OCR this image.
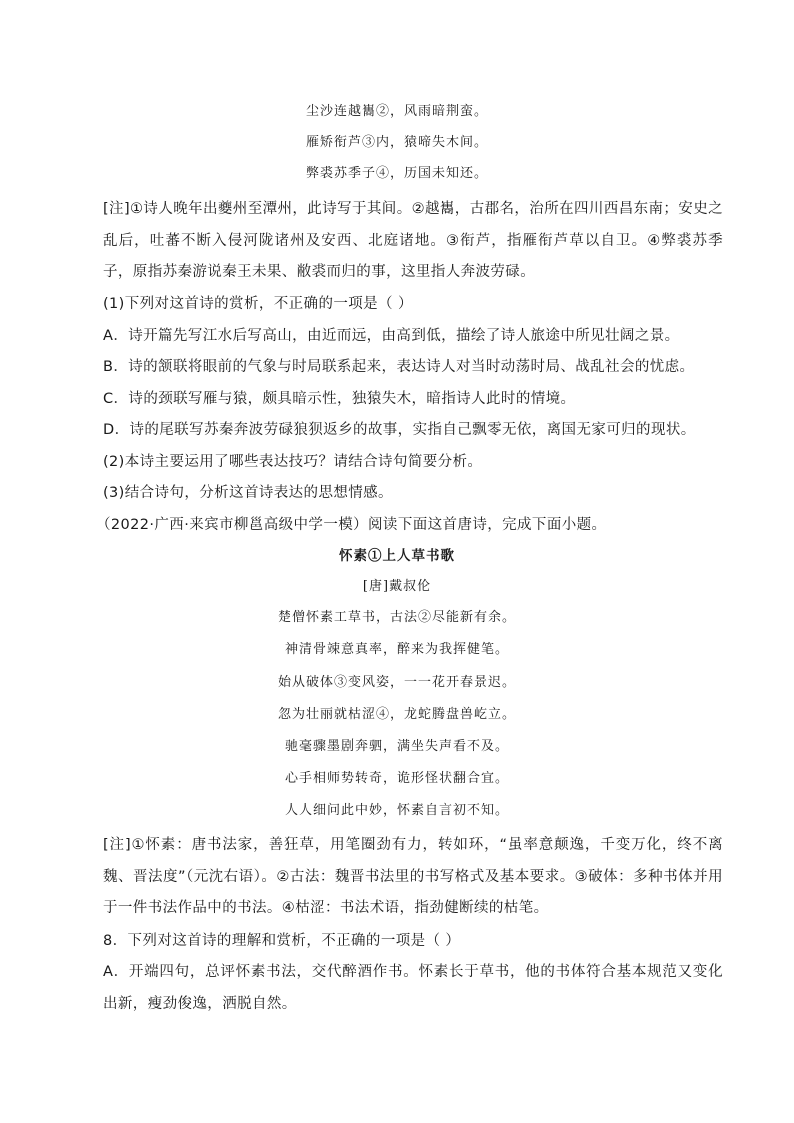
尘沙连越巂②，风雨暗荆蛮。
雁矫衔芦③内，猿啼失木间。
弊裘苏季子④，历国未知还。
[注]①诗人晚年出夔州至潭州，此诗写于其间。②越巂，古郡名，治所在四川西昌东南；安史之乱后，吐蕃不断入侵河陇诸州及安西、北庭诸地。③衔芦，指雁衔芦草以自卫。④弊裘苏季子，原指苏秦游说秦王未果、敝裘而归的事，这里指人奔波劳碌。
(1)下列对这首诗的赏析，不正确的一项是（ ）
A．诗开篇先写江水后写高山，由近而远，由高到低，描绘了诗人旅途中所见壮阔之景。
B．诗的颔联将眼前的气象与时局联系起来，表达诗人对当时动荡时局、战乱社会的忧虑。
C．诗的颈联写雁与猿，颇具暗示性，独猿失木，暗指诗人此时的情境。
D．诗的尾联写苏秦奔波劳碌狼狈返乡的故事，实指自己飘零无依，离国无家可归的现状。
(2)本诗主要运用了哪些表达技巧？请结合诗句简要分析。
(3)结合诗句，分析这首诗表达的思想情感。
（2022·广西·来宾市柳邕高级中学一模）阅读下面这首唐诗，完成下面小题。
怀素①上人草书歌
[唐]戴叔伦
楚僧怀素工草书，古法②尽能新有余。
神清骨竦意真率，醉来为我挥健笔。
始从破体③变风姿，一一花开春景迟。
忽为壮丽就枯涩④，龙蛇腾盘兽屹立。
驰毫骤墨剧奔驷，满坐失声看不及。
心手相师势转奇，诡形怪状翻合宜。
人人细问此中妙，怀素自言初不知。
[注]①怀素：唐书法家，善狂草，用笔圈劲有力，转如环，“虽率意颠逸，千变万化，终不离魏、晋法度”（元沈右语）。②古法：魏晋书法里的书写格式及基本要求。③破体：多种书体并用于一件书法作品中的书法。④枯涩：书法术语，指劲健断续的枯笔。
8．下列对这首诗的理解和赏析，不正确的一项是（ ）
A．开端四句，总评怀素书法，交代醉酒作书。怀素长于草书，他的书体符合基本规范又变化出新，瘦劲俊逸，洒脱自然。
